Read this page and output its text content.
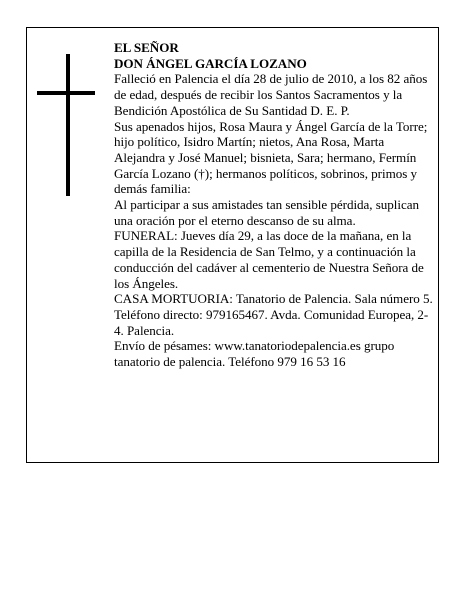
EL SEÑOR

DON ÁNGEL GARCÍA LOZANO

Falleció en Palencia el día 28 de julio de 2010, a los 82 años de edad, después de recibir los Santos Sacramentos y la Bendición Apostólica de Su Santidad D. E. P.

Sus apenados hijos, Rosa Maura y Ángel García de la Torre; hijo político, Isidro Martín; nietos, Ana Rosa, Marta Alejandra y José Manuel; bisnieta, Sara; hermano, Fermín García Lozano (†); hermanos políticos, sobrinos, primos y demás familia:

Al participar a sus amistades tan sensible pérdida, suplican una oración por el eterno descanso de su alma.

FUNERAL: Jueves día 29, a las doce de la mañana, en la capilla de la Residencia de San Telmo, y a continuación la conducción del cadáver al cementerio de Nuestra Señora de los Ángeles.

CASA MORTUORIA: Tanatorio de Palencia. Sala número 5. Teléfono directo: 979165467. Avda. Comunidad Europea, 2-4. Palencia.

Envío de pésames: www.tanatoriodepalencia.es grupo tanatorio de palencia. Teléfono 979 16 53 16
